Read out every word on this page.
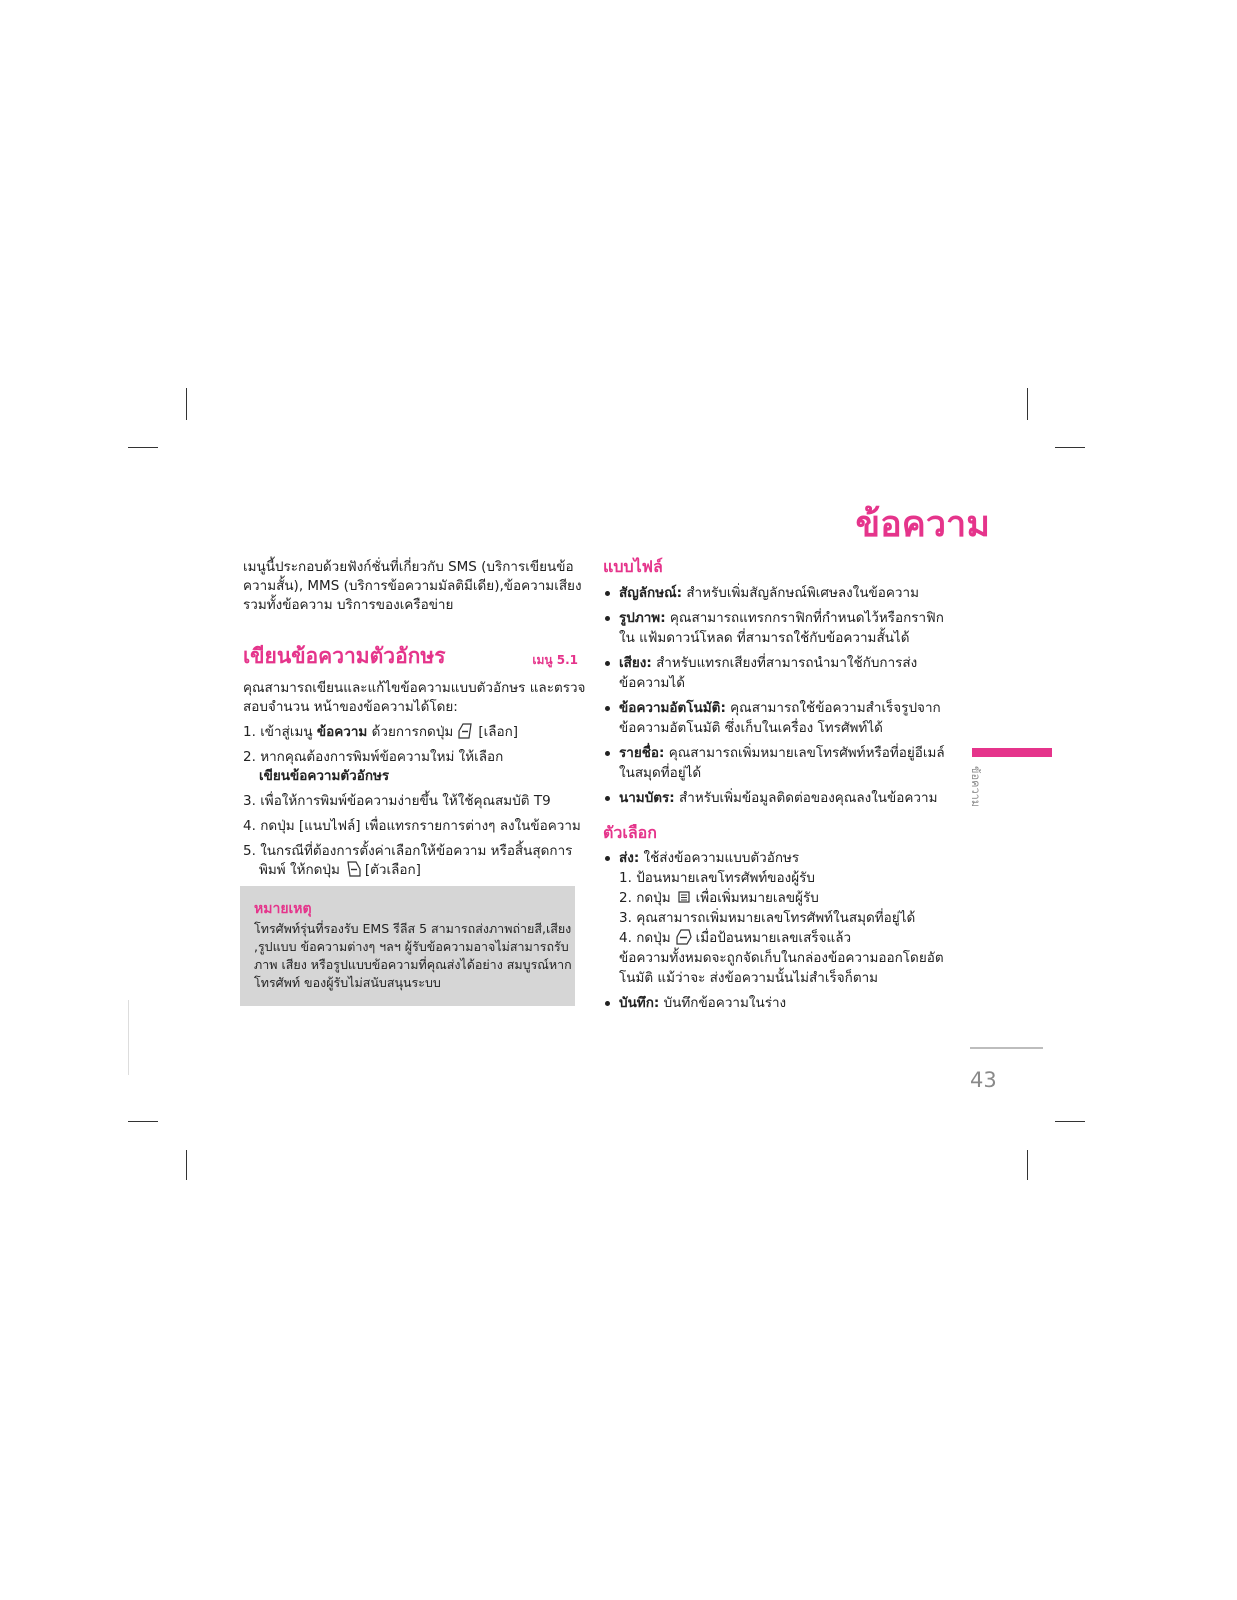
ข้อความ
เมนูนี้ประกอบด้วยฟังก์ชั่นที่เกี่ยวกับ SMS (บริการเขียนข้อ
ความสั้น), MMS (บริการข้อความมัลติมีเดีย),ข้อความเสียง
รวมทั้งข้อความ บริการของเครือข่าย
เขียนข้อความตัวอักษร	เมนู 5.1
คุณสามารถเขียนและแก้ไขข้อความแบบตัวอักษร และตรวจ
สอบจำนวน หน้าของข้อความได้โดย:
1. เข้าสู่เมนู ข้อความ ด้วยการกดปุ่ม [เลือก]
2. หากคุณต้องการพิมพ์ข้อความใหม่ ให้เลือก
เขียนข้อความตัวอักษร
3. เพื่อให้การพิมพ์ข้อความง่ายขึ้น ให้ใช้คุณสมบัติ T9
4. กดปุ่ม [แนบไฟล์] เพื่อแทรกรายการต่างๆ ลงในข้อความ
5. ในกรณีที่ต้องการตั้งค่าเลือกให้ข้อความ หรือสิ้นสุดการ
พิมพ์ ให้กดปุ่ม [ตัวเลือก]
หมายเหตุ
โทรศัพท์รุ่นที่รองรับ EMS รีลีส 5 สามารถส่งภาพถ่ายสี,เสียง
,รูปแบบ ข้อความต่างๆ ฯลฯ ผู้รับข้อความอาจไม่สามารถรับ
ภาพ เสียง หรือรูปแบบข้อความที่คุณส่งได้อย่าง สมบูรณ์หาก
โทรศัพท์ ของผู้รับไม่สนับสนุนระบบ
แบบไฟล์
สัญลักษณ์: สำหรับเพิ่มสัญลักษณ์พิเศษลงในข้อความ
รูปภาพ: คุณสามารถแทรกกราฟิกที่กำหนดไว้หรือกราฟิก
ใน แฟ้มดาวน์โหลด ที่สามารถใช้กับข้อความสั้นได้
เสียง: สำหรับแทรกเสียงที่สามารถนำมาใช้กับการส่ง
ข้อความได้
ข้อความอัตโนมัติ: คุณสามารถใช้ข้อความสำเร็จรูปจาก
ข้อความอัตโนมัติ ซึ่งเก็บในเครื่อง โทรศัพท์ได้
รายชื่อ: คุณสามารถเพิ่มหมายเลขโทรศัพท์หรือที่อยู่อีเมล์
ในสมุดที่อยู่ได้
นามบัตร: สำหรับเพิ่มข้อมูลติดต่อของคุณลงในข้อความ
ตัวเลือก
ส่ง: ใช้ส่งข้อความแบบตัวอักษร
1. ป้อนหมายเลขโทรศัพท์ของผู้รับ
2. กดปุ่ม เพื่อเพิ่มหมายเลขผู้รับ
3. คุณสามารถเพิ่มหมายเลขโทรศัพท์ในสมุดที่อยู่ได้
4. กดปุ่ม เมื่อป้อนหมายเลขเสร็จแล้ว
ข้อความทั้งหมดจะถูกจัดเก็บในกล่องข้อความออกโดยอัต
โนมัติ แม้ว่าจะ ส่งข้อความนั้นไม่สำเร็จก็ตาม
บันทึก: บันทึกข้อความในร่าง
ข้อความ
43
